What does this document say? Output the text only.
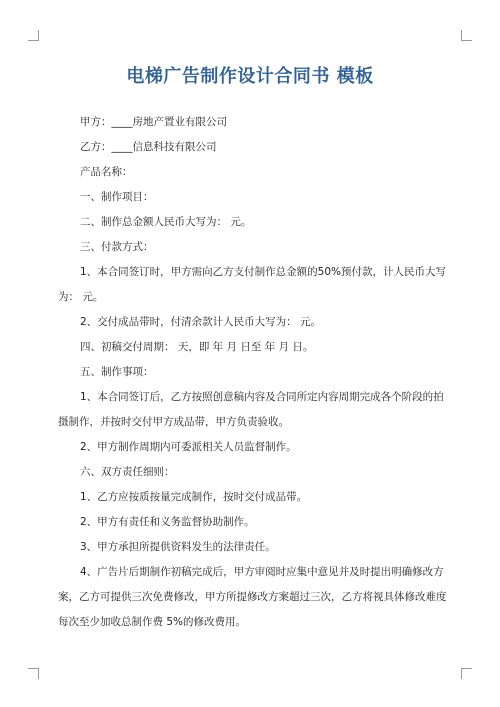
电梯广告制作设计合同书 模板
甲方：____房地产置业有限公司
乙方：____信息科技有限公司
产品名称：
一、制作项目：
二、制作总金额人民币大写为： 元。
三、付款方式：
1、本合同签订时，甲方需向乙方支付制作总金额的50%预付款，计人民币大写
为： 元。
2、交付成品带时，付清余款计人民币大写为： 元。
四、初稿交付周期： 天，即 年 月 日至 年 月 日。
五、制作事项：
1、本合同签订后，乙方按照创意稿内容及合同所定内容周期完成各个阶段的拍
摄制作，并按时交付甲方成品带，甲方负责验收。
2、甲方制作周期内可委派相关人员监督制作。
六、双方责任细则：
1、乙方应按质按量完成制作，按时交付成品带。
2、甲方有责任和义务监督协助制作。
3、甲方承担所提供资料发生的法律责任。
4、广告片后期制作初稿完成后，甲方审阅时应集中意见并及时提出明确修改方
案，乙方可提供三次免费修改，甲方所提修改方案超过三次，乙方将视具体修改难度
每次至少加收总制作费 5%的修改费用。
